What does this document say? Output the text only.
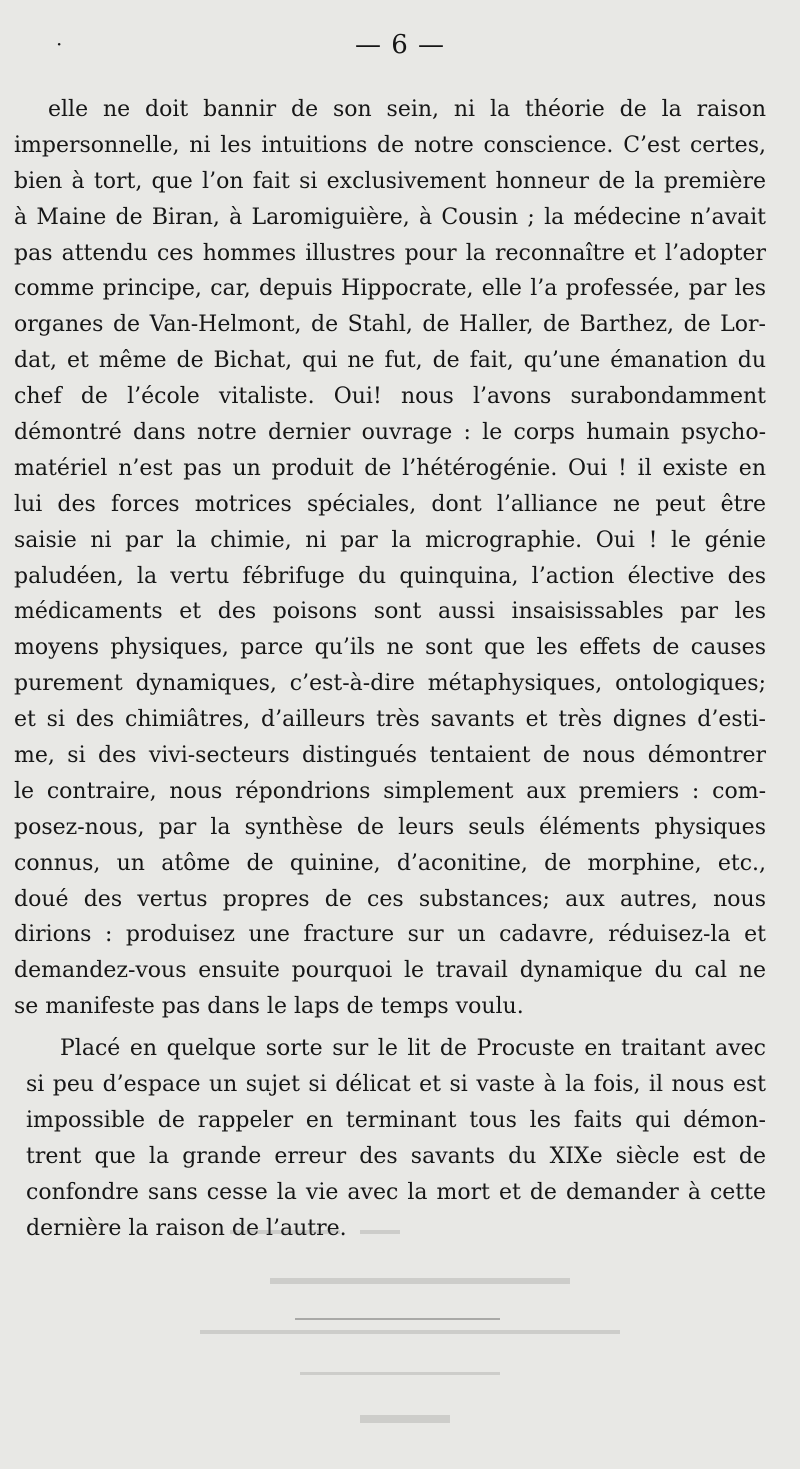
·	— 6 —
elle ne doit bannir de son sein, ni la théorie de la raison
impersonnelle, ni les intuitions de notre conscience. C’est certes,
bien à tort, que l’on fait si exclusivement honneur de la première
à Maine de Biran, à Laromiguière, à Cousin ; la médecine n’avait
pas attendu ces hommes illustres pour la reconnaître et l’adopter
comme principe, car, depuis Hippocrate, elle l’a professée, par les
organes de Van-Helmont, de Stahl, de Haller, de Barthez, de Lor-
dat, et même de Bichat, qui ne fut, de fait, qu’une émanation du
chef de l’école vitaliste. Oui! nous l’avons surabondamment
démontré dans notre dernier ouvrage : le corps humain psycho-
matériel n’est pas un produit de l’hétérogénie. Oui ! il existe en
lui des forces motrices spéciales, dont l’alliance ne peut être
saisie ni par la chimie, ni par la micrographie. Oui ! le génie
paludéen, la vertu fébrifuge du quinquina, l’action élective des
médicaments et des poisons sont aussi insaisissables par les
moyens physiques, parce qu’ils ne sont que les effets de causes
purement dynamiques, c’est-à-dire métaphysiques, ontologiques;
et si des chimiâtres, d’ailleurs très savants et très dignes d’esti-
me, si des vivi-secteurs distingués tentaient de nous démontrer
le contraire, nous répondrions simplement aux premiers : com-
posez-nous, par la synthèse de leurs seuls éléments physiques
connus, un atôme de quinine, d’aconitine, de morphine, etc.,
doué des vertus propres de ces substances; aux autres, nous
dirions : produisez une fracture sur un cadavre, réduisez-la et
demandez-vous ensuite pourquoi le travail dynamique du cal ne
se manifeste pas dans le laps de temps voulu.
Placé en quelque sorte sur le lit de Procuste en traitant avec
si peu d’espace un sujet si délicat et si vaste à la fois, il nous est
impossible de rappeler en terminant tous les faits qui démon-
trent que la grande erreur des savants du XIXe siècle est de
confondre sans cesse la vie avec la mort et de demander à cette
dernière la raison de l’autre.
